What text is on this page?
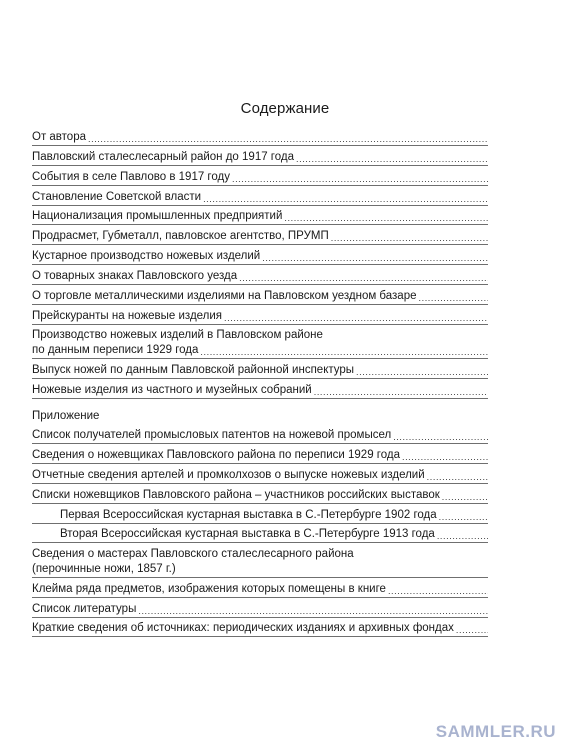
Содержание
От автора
.....
Павловский сталеслесарный район до 1917 года
.....
События в селе Павлово в 1917 году
.....
Становление Советской власти
.....
Национализация промышленных предприятий
.....
Продрасмет, Губметалл, павловское агентство, ПРУМП
.....
Кустарное производство ножевых изделий
.....
О товарных знаках Павловского уезда
.....
О торговле металлическими изделиями на Павловском уездном базаре
.....
Прейскуранты на ножевые изделия
.....
Производство ножевых изделий в Павловском районе
по данным переписи 1929 года
.....
Выпуск ножей по данным Павловской районной инспектуры
.....
Ножевые изделия из частного и музейных собраний
.....
Приложение
Список получателей промысловых патентов на ножевой промысел
.....
Сведения о ножевщиках Павловского района по переписи 1929 года
.....
Отчетные сведения артелей и промколхозов о выпуске ножевых изделий
.....
Списки ножевщиков Павловского района – участников российских выставок
.....
Первая Всероссийская кустарная выставка в С.-Петербурге 1902 года
.....
Вторая Всероссийская кустарная выставка в С.-Петербурге 1913 года
.....
Сведения о мастерах Павловского сталеслесарного района
(перочинные ножи, 1857 г.)
Клейма ряда предметов, изображения которых помещены в книге
.....
Список литературы
.....
Краткие сведения об источниках: периодических изданиях и архивных фондах
.....
SAMMLER.RU
